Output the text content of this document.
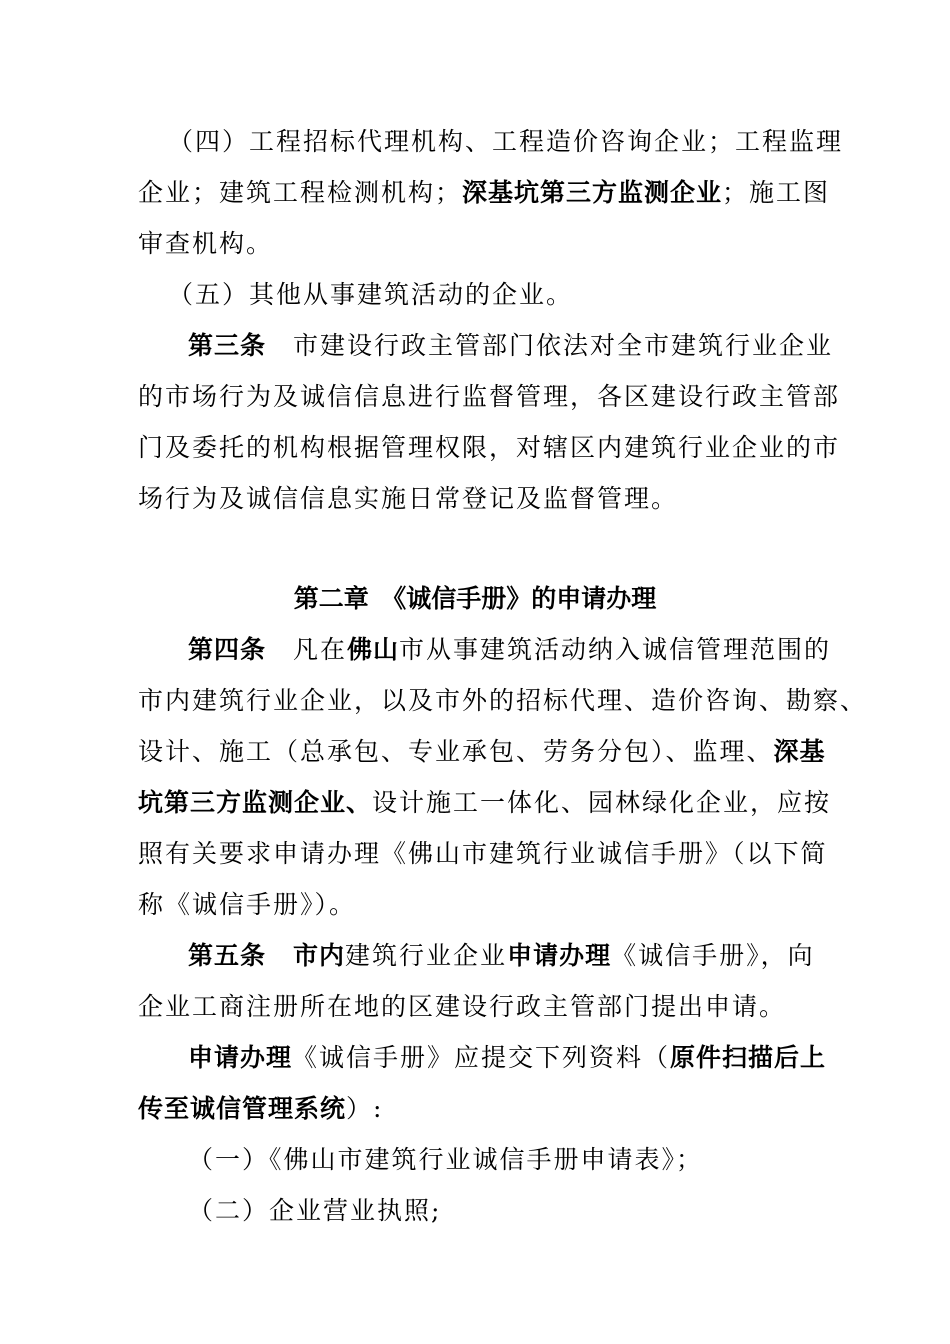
（四）工程招标代理机构、工程造价咨询企业；工程监理
企业；建筑工程检测机构；深基坑第三方监测企业；施工图
审查机构。
（五）其他从事建筑活动的企业。
第三条　市建设行政主管部门依法对全市建筑行业企业
的市场行为及诚信信息进行监督管理，各区建设行政主管部
门及委托的机构根据管理权限，对辖区内建筑行业企业的市
场行为及诚信信息实施日常登记及监督管理。
第二章　《诚信手册》的申请办理
第四条　凡在佛山市从事建筑活动纳入诚信管理范围的
市内建筑行业企业，以及市外的招标代理、造价咨询、勘察、
设计、施工（总承包、专业承包、劳务分包）、监理、深基
坑第三方监测企业、设计施工一体化、园林绿化企业，应按
照有关要求申请办理《佛山市建筑行业诚信手册》（以下简
称《诚信手册》）。
第五条　 市内建筑行业企业申请办理《诚信手册》，向
企业工商注册所在地的区建设行政主管部门提出申请。
申请办理《诚信手册》应提交下列资料（原件扫描后上
传至诚信管理系统）:
（一）《佛山市建筑行业诚信手册申请表》；
（二）企业营业执照;
